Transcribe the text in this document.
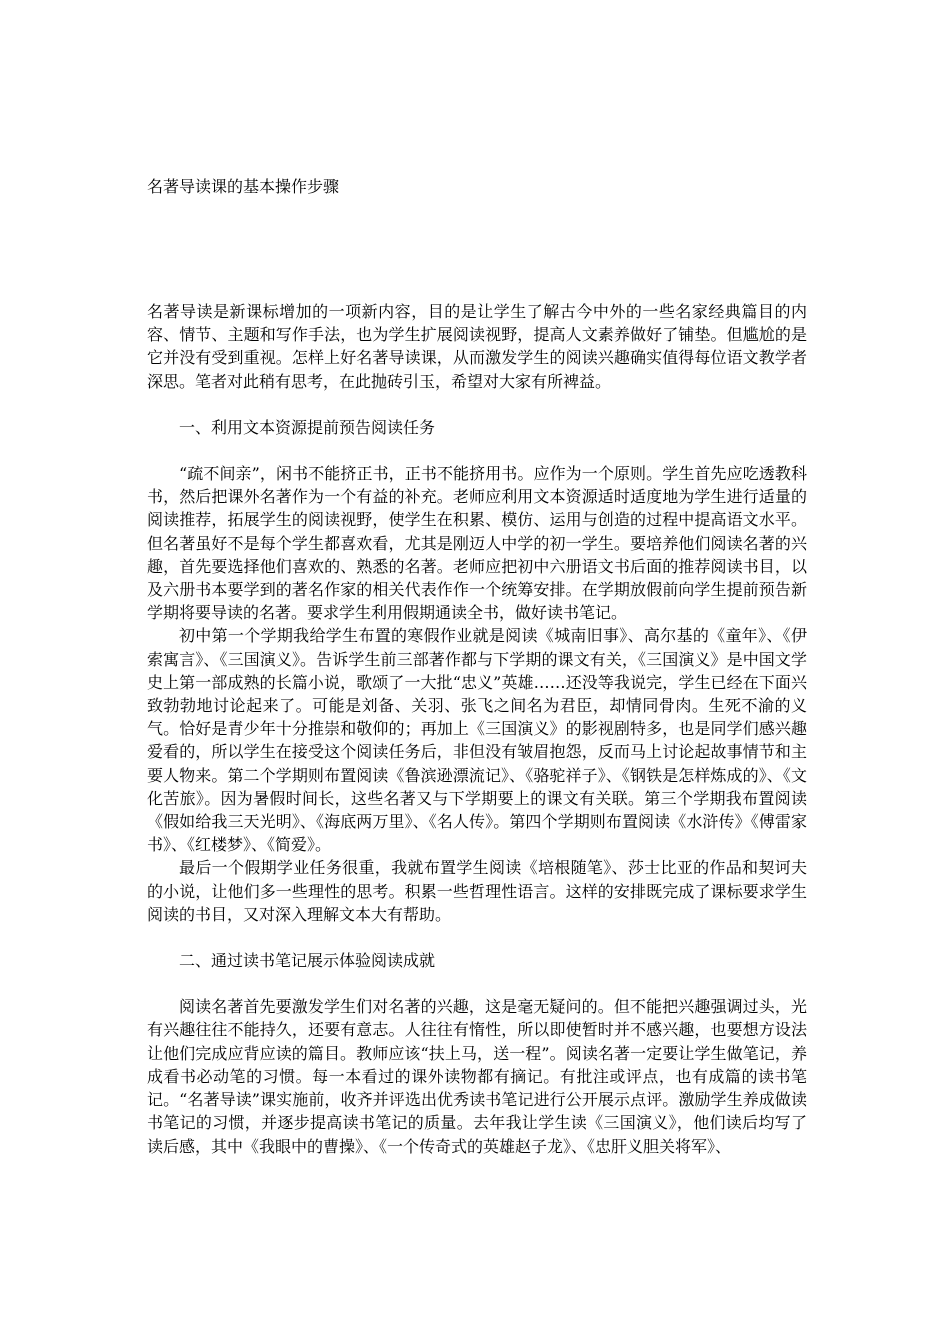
名著导读课的基本操作步骤

名著导读是新课标增加的一项新内容，目的是让学生了解古今中外的一些名家经典篇目的内容、情节、主题和写作手法，也为学生扩展阅读视野，提高人文素养做好了铺垫。但尴尬的是它并没有受到重视。怎样上好名著导读课，从而激发学生的阅读兴趣确实值得每位语文教学者深思。笔者对此稍有思考，在此抛砖引玉，希望对大家有所裨益。

一、利用文本资源提前预告阅读任务

“疏不间亲”，闲书不能挤正书，正书不能挤用书。应作为一个原则。学生首先应吃透教科书，然后把课外名著作为一个有益的补充。老师应利用文本资源适时适度地为学生进行适量的阅读推荐，拓展学生的阅读视野，使学生在积累、模仿、运用与创造的过程中提高语文水平。但名著虽好不是每个学生都喜欢看，尤其是刚迈人中学的初一学生。要培养他们阅读名著的兴趣，首先要选择他们喜欢的、熟悉的名著。老师应把初中六册语文书后面的推荐阅读书目，以及六册书本要学到的著名作家的相关代表作作一个统筹安排。在学期放假前向学生提前预告新学期将要导读的名著。要求学生利用假期通读全书，做好读书笔记。

初中第一个学期我给学生布置的寒假作业就是阅读《城南旧事》、高尔基的《童年》、《伊索寓言》、《三国演义》。告诉学生前三部著作都与下学期的课文有关，《三国演义》是中国文学史上第一部成熟的长篇小说，歌颂了一大批“忠义”英雄……还没等我说完，学生已经在下面兴致勃勃地讨论起来了。可能是刘备、关羽、张飞之间名为君臣，却情同骨肉。生死不渝的义气。恰好是青少年十分推崇和敬仰的；再加上《三国演义》的影视剧特多，也是同学们感兴趣爱看的，所以学生在接受这个阅读任务后，非但没有皱眉抱怨，反而马上讨论起故事情节和主要人物来。第二个学期则布置阅读《鲁滨逊漂流记》、《骆驼祥子》、《钢铁是怎样炼成的》、《文化苦旅》。因为暑假时间长，这些名著又与下学期要上的课文有关联。第三个学期我布置阅读《假如给我三天光明》、《海底两万里》、《名人传》。第四个学期则布置阅读《水浒传》《傅雷家书》、《红楼梦》、《简爱》。

最后一个假期学业任务很重，我就布置学生阅读《培根随笔》、莎士比亚的作品和契诃夫的小说，让他们多一些理性的思考。积累一些哲理性语言。这样的安排既完成了课标要求学生阅读的书目，又对深入理解文本大有帮助。

二、通过读书笔记展示体验阅读成就

阅读名著首先要激发学生们对名著的兴趣，这是毫无疑问的。但不能把兴趣强调过头，光有兴趣往往不能持久，还要有意志。人往往有惰性，所以即使暂时并不感兴趣，也要想方设法让他们完成应背应读的篇目。教师应该“扶上马，送一程”。阅读名著一定要让学生做笔记，养成看书必动笔的习惯。每一本看过的课外读物都有摘记。有批注或评点，也有成篇的读书笔记。“名著导读”课实施前，收齐并评选出优秀读书笔记进行公开展示点评。激励学生养成做读书笔记的习惯，并逐步提高读书笔记的质量。去年我让学生读《三国演义》，他们读后均写了读后感，其中《我眼中的曹操》、《一个传奇式的英雄赵子龙》、《忠肝义胆关将军》、
